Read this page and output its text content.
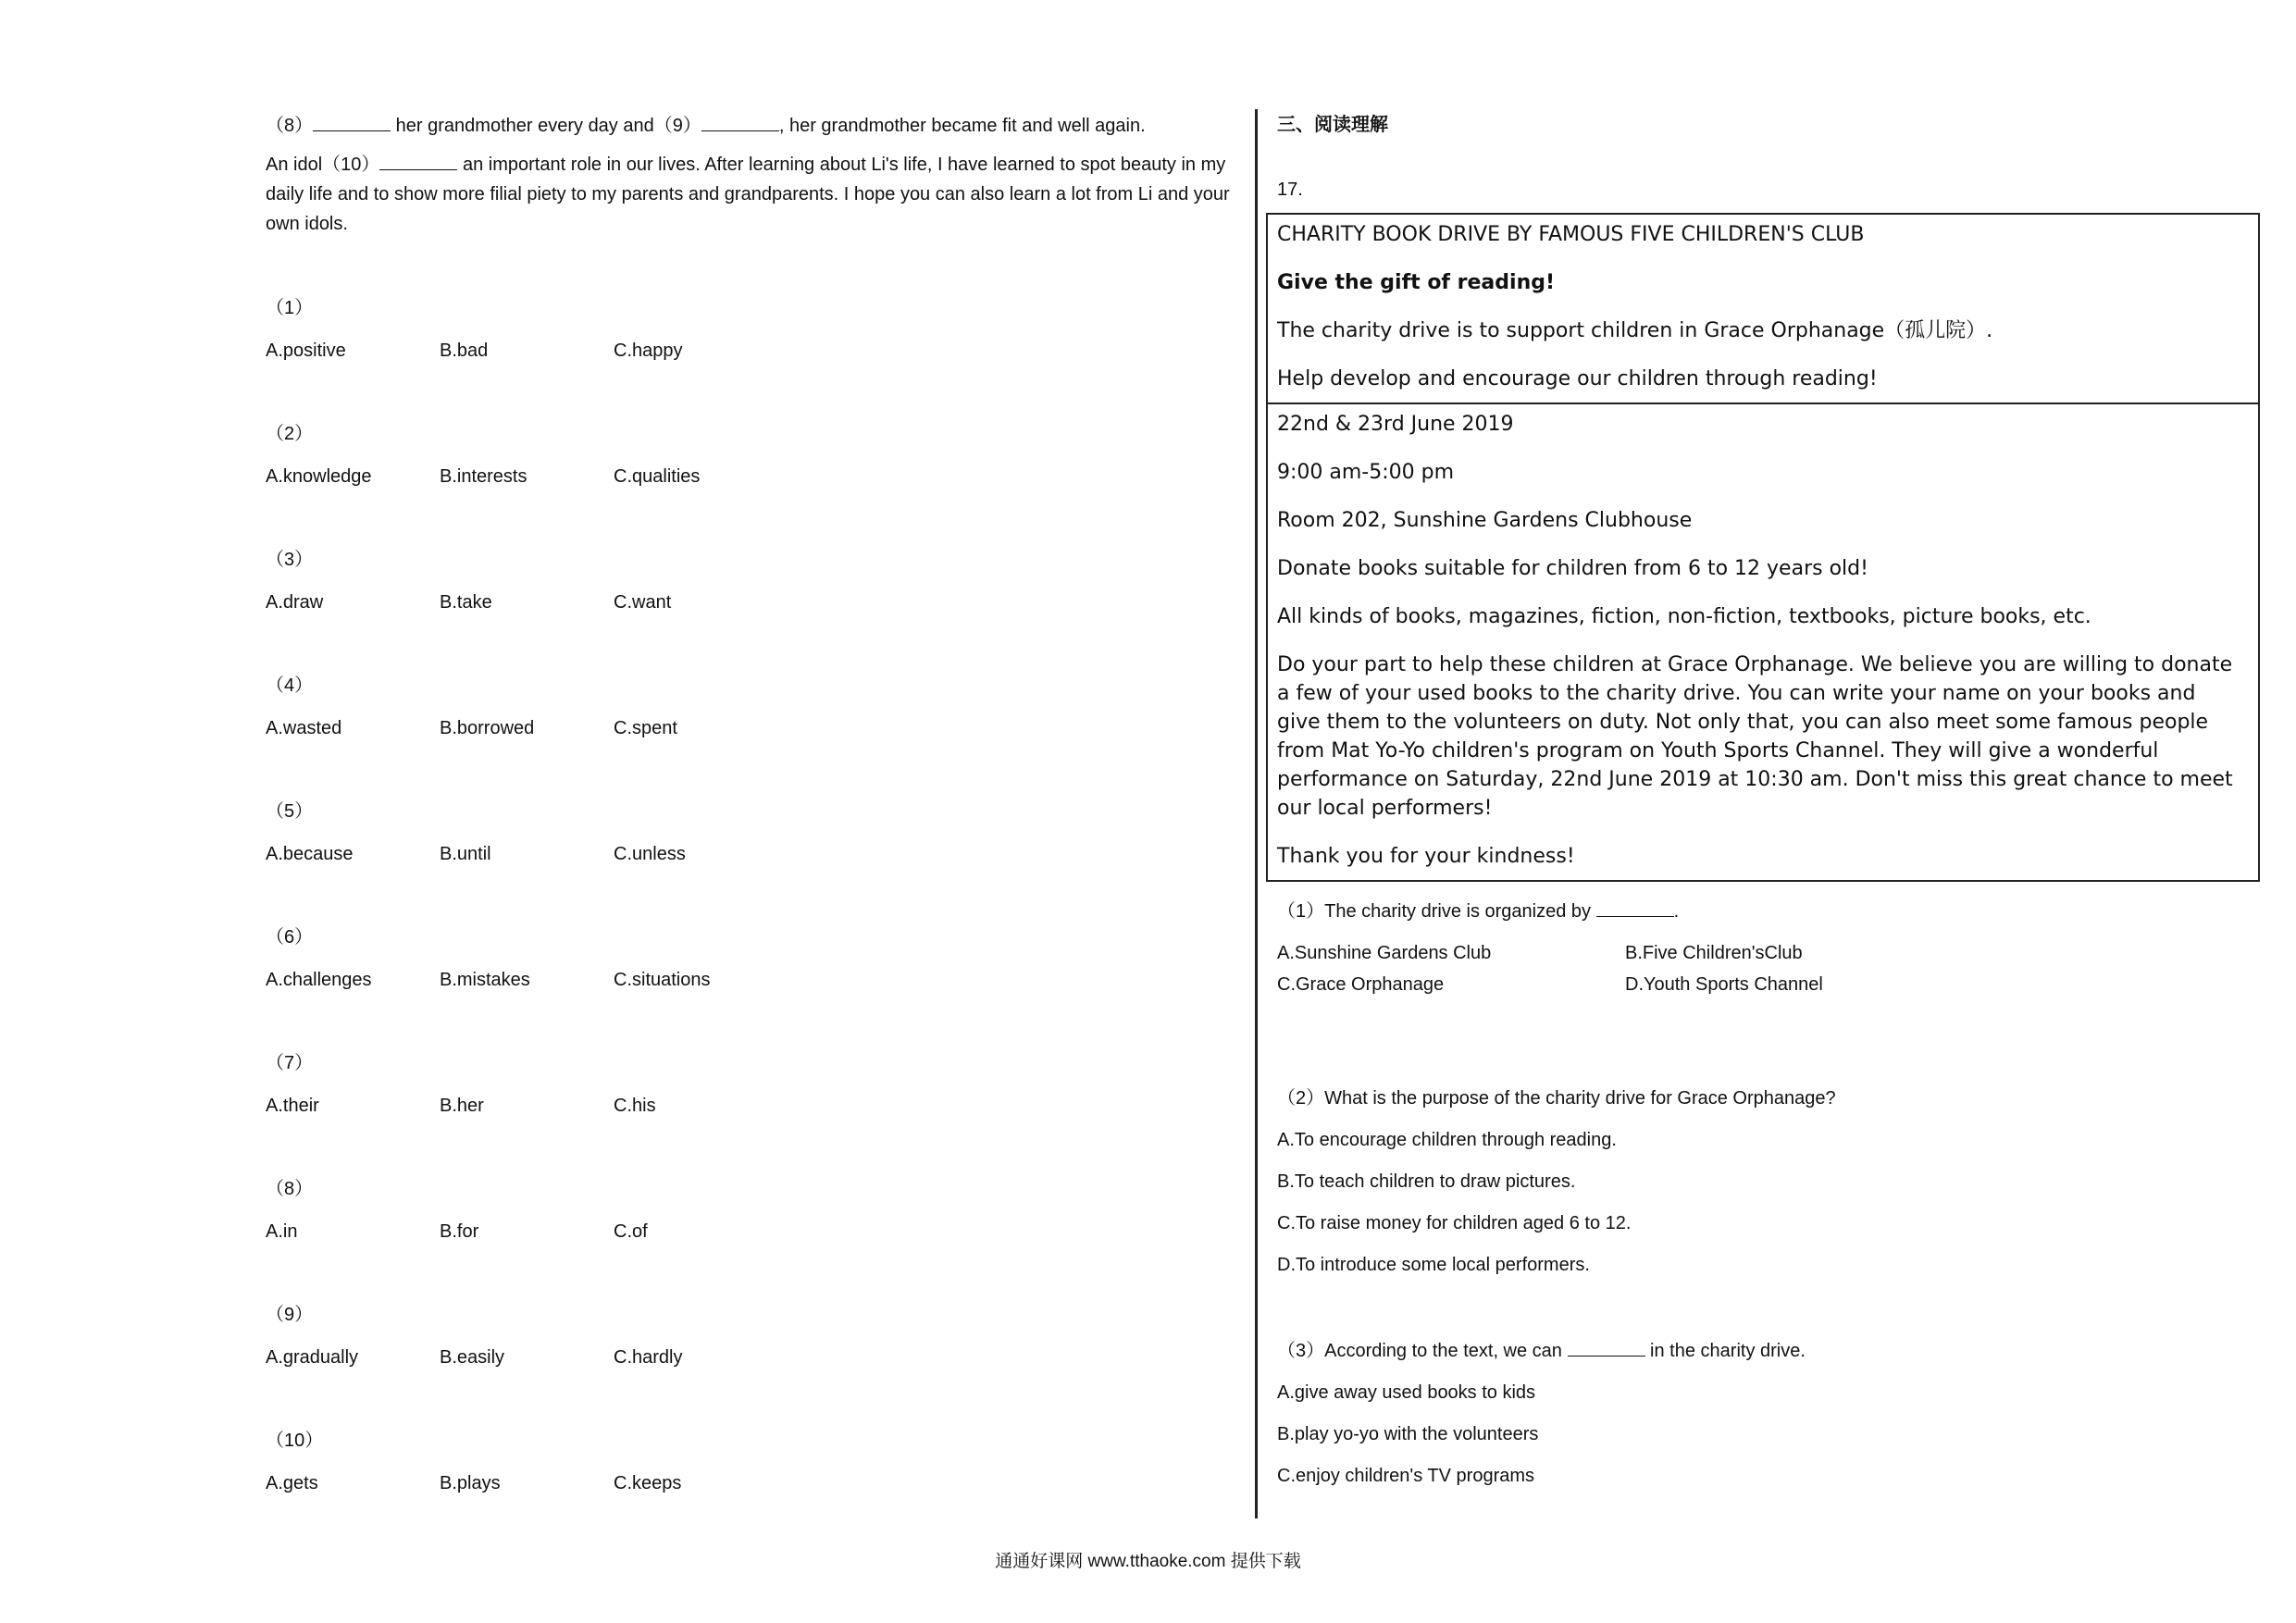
（8）	her grandmother every day and（9）	, her grandmother became fit and well again.

An idol（10）	an important role in our lives. After learning about Li's life, I have learned to spot beauty in my daily life and to show more filial piety to my parents and grandparents. I hope you can also learn a lot from Li and your own idols.

（1）
A.positive	B.bad	C.happy
（2）
A.knowledge	B.interests	C.qualities
（3）
A.draw	B.take	C.want
（4）
A.wasted	B.borrowed	C.spent
（5）
A.because	B.until	C.unless
（6）
A.challenges	B.mistakes	C.situations
（7）
A.their	B.her	C.his
（8）
A.in	B.for	C.of
（9）
A.gradually	B.easily	C.hardly
（10）
A.gets	B.plays	C.keeps

三、阅读理解

17.

CHARITY BOOK DRIVE BY FAMOUS FIVE CHILDREN'S CLUB

Give the gift of reading!

The charity drive is to support children in Grace Orphanage（孤儿院）.

Help develop and encourage our children through reading!

22nd & 23rd June 2019

9:00 am-5:00 pm

Room 202, Sunshine Gardens Clubhouse

Donate books suitable for children from 6 to 12 years old!

All kinds of books, magazines, fiction, non-fiction, textbooks, picture books, etc.

Do your part to help these children at Grace Orphanage. We believe you are willing to donate a few of your used books to the charity drive. You can write your name on your books and give them to the volunteers on duty. Not only that, you can also meet some famous people from Mat Yo-Yo children's program on Youth Sports Channel. They will give a wonderful performance on Saturday, 22nd June 2019 at 10:30 am. Don't miss this great chance to meet our local performers!

Thank you for your kindness!

（1）The charity drive is organized by	.
A.Sunshine Gardens Club	B.Five Children'sClub
C.Grace Orphanage	D.Youth Sports Channel
（2）What is the purpose of the charity drive for Grace Orphanage?
A.To encourage children through reading.
B.To teach children to draw pictures.
C.To raise money for children aged 6 to 12.
D.To introduce some local performers.
（3）According to the text, we can	in the charity drive.
A.give away used books to kids
B.play yo-yo with the volunteers
C.enjoy children's TV programs
通通好课网 www.tthaoke.com 提供下载
